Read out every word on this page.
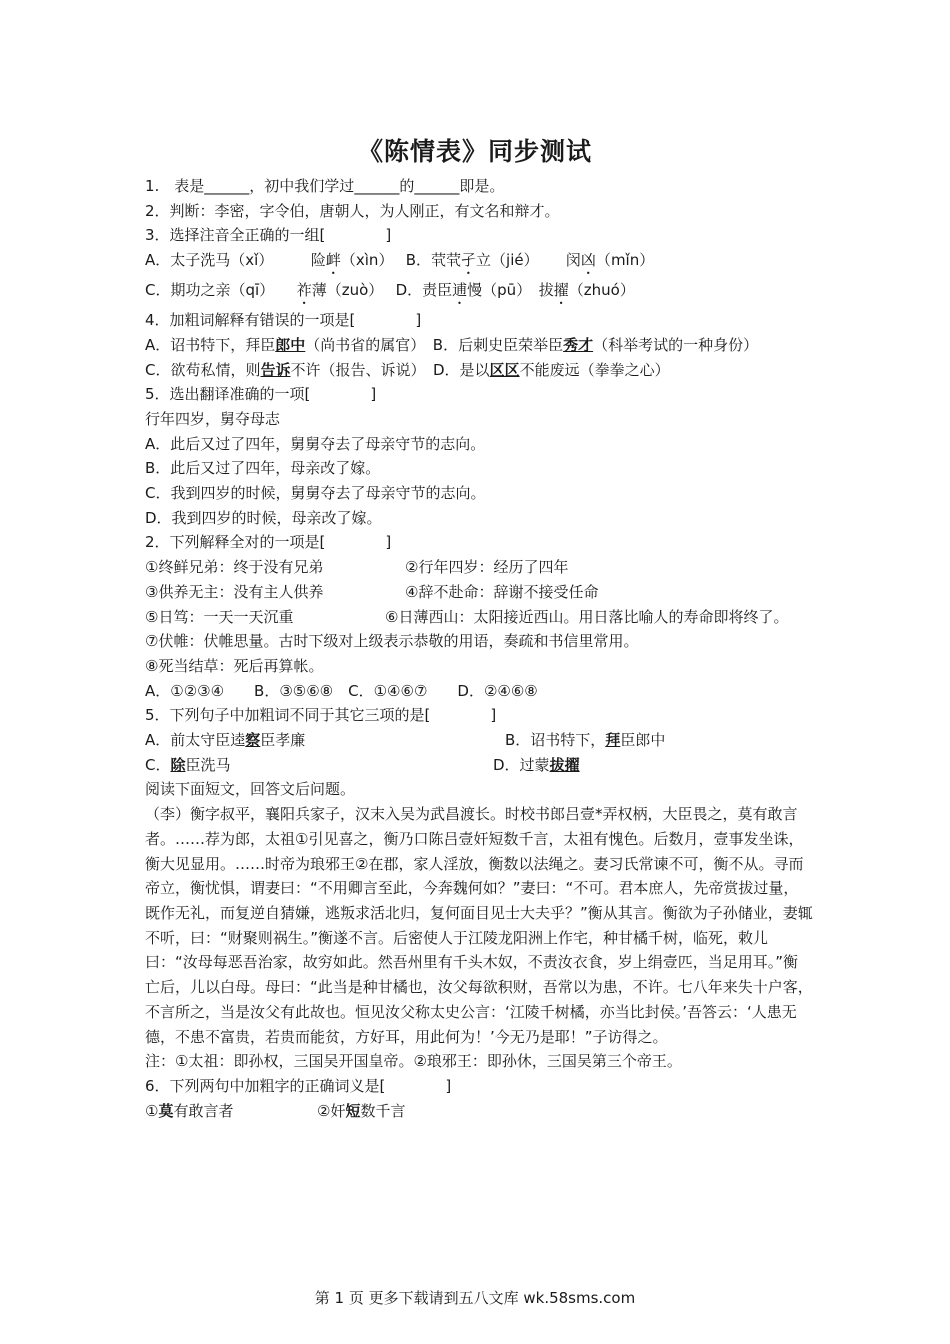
《陈情表》同步测试

1.　表是______，初中我们学过______的______即是。

2．判断：李密，字令伯，唐朝人，为人刚正，有文名和辩才。

3．选择注音全正确的一组[　　　　]

A．太子洗马（xǐ）　　　	险衅（xìn）　 B．茕茕孑立（jié）　　 闵凶（mǐn）

C．期功之亲（qī）　　祚薄（zuò）　 D．责臣逋慢（pū）　拔擢（zhuó）

4．加粗词解释有错误的一项是[　　　　]

A．诏书特下，拜臣郎中（尚书省的属官）　B．后刺史臣荣举臣秀才（科举考试的一种身份）

C．欲苟私情，则告诉不许（报告、诉说）　D．是以区区不能废远（拳拳之心）

5．选出翻译准确的一项[　　　　]

行年四岁，舅夺母志

A．此后又过了四年，舅舅夺去了母亲守节的志向。

B．此后又过了四年，母亲改了嫁。

C．我到四岁的时候，舅舅夺去了母亲守节的志向。

D．我到四岁的时候，母亲改了嫁。

2．下列解释全对的一项是[　　　　]

①终鲜兄弟：终于没有兄弟	②行年四岁：经历了四年
③供养无主：没有主人供养	④辞不赴命：辞谢不接受任命
⑤日笃：一天一天沉重	⑥日薄西山：太阳接近西山。用日落比喻人的寿命即将终了。

⑦伏帷：伏帷思量。古时下级对上级表示恭敬的用语，奏疏和书信里常用。

⑧死当结草：死后再算帐。

A．①②③④　　B．③⑤⑥⑧　C．①④⑥⑦　　D．②④⑥⑧

5．下列句子中加粗词不同于其它三项的是[　　　　]

A．前太守臣逵察臣孝廉	B．诏书特下，拜臣郎中
C．除臣洗马	D．过蒙拔擢

阅读下面短文，回答文后问题。

（李）衡字叔平，襄阳兵家子，汉末入吴为武昌渡长。时校书郎吕壹*弄权柄，大臣畏之，莫有敢言者。……荐为郎，太祖①引见喜之，衡乃口陈吕壹奸短数千言，太祖有愧色。后数月，壹事发坐诛，衡大见显用。……时帝为琅邪王②在郡，家人淫放，衡数以法绳之。妻习氏常谏不可，衡不从。寻而帝立，衡忧惧，谓妻曰：“不用卿言至此，今奔魏何如？”妻曰：“不可。君本庶人，先帝赏拔过量，既作无礼，而复逆自猜嫌，逃叛求活北归，复何面目见士大夫乎？”衡从其言。衡欲为子孙储业，妻辄不听，曰：“财聚则祸生。”衡遂不言。后密使人于江陵龙阳洲上作宅，种甘橘千树，临死，敕儿曰：“汝母每恶吾治家，故穷如此。然吾州里有千头木奴，不责汝衣食，岁上绢壹匹，当足用耳。”衡亡后，儿以白母。母曰：“此当是种甘橘也，汝父每欲积财，吾常以为患，不许。七八年来失十户客，不言所之，当是汝父有此故也。恒见汝父称太史公言：‘江陵千树橘，亦当比封侯。’吾答云：‘人患无德，不患不富贵，若贵而能贫，方好耳，用此何为！’今无乃是耶！”子访得之。

注：①太祖：即孙权，三国吴开国皇帝。②琅邪王：即孙休，三国吴第三个帝王。

6．下列两句中加粗字的正确词义是[　　　　]

①莫有敢言者	②奸短数千言
第 1 页 更多下载请到五八文库 wk.58sms.com
